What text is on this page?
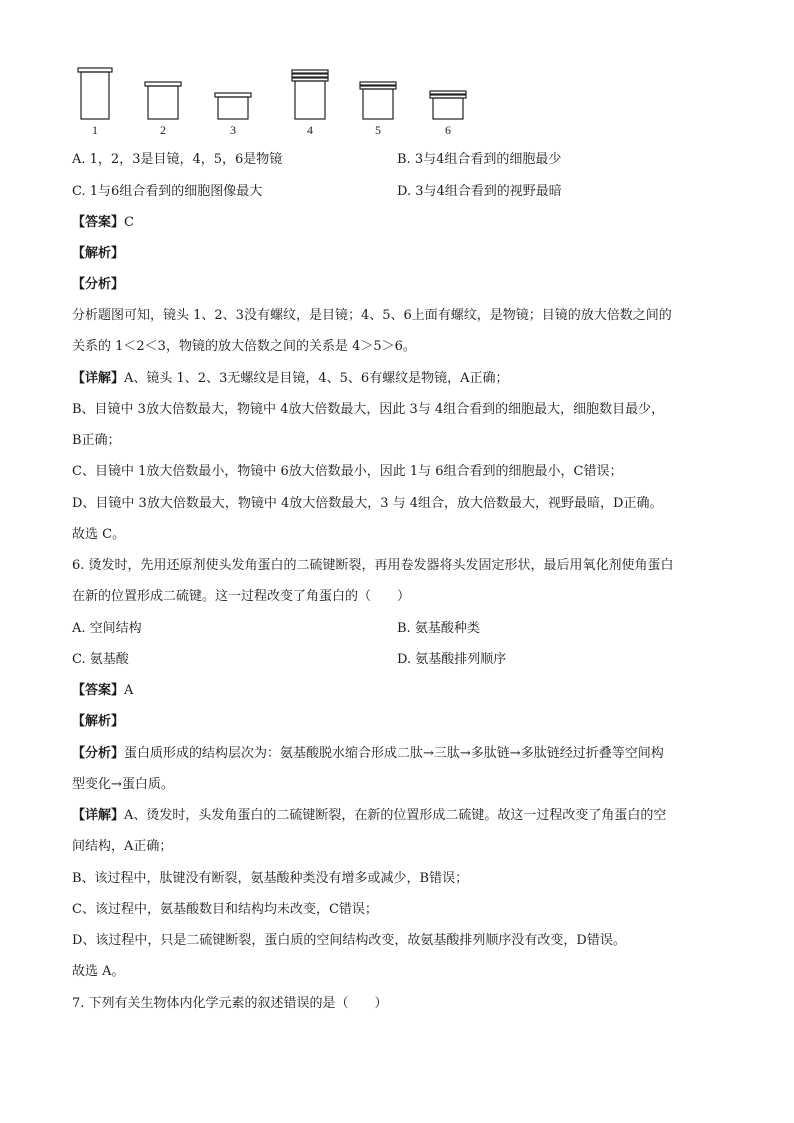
1	2	3	4	5	6
A. 1，2，3是目镜，4，5，6是物镜	B. 3与4组合看到的细胞最少
C. 1与6组合看到的细胞图像最大	D. 3与4组合看到的视野最暗
【答案】C
【解析】
【分析】
分析题图可知，镜头 1、2、3没有螺纹，是目镜；4、5、6上面有螺纹，是物镜；目镜的放大倍数之间的
关系的 1＜2＜3，物镜的放大倍数之间的关系是 4＞5＞6。
【详解】A、镜头 1、2、3无螺纹是目镜，4、5、6有螺纹是物镜，A正确；
B、目镜中 3放大倍数最大，物镜中 4放大倍数最大，因此 3与 4组合看到的细胞最大，细胞数目最少，
B正确；
C、目镜中 1放大倍数最小，物镜中 6放大倍数最小，因此 1与 6组合看到的细胞最小，C错误；
D、目镜中 3放大倍数最大，物镜中 4放大倍数最大，3 与 4组合，放大倍数最大，视野最暗，D正确。
故选 C。
6. 烫发时，先用还原剂使头发角蛋白的二硫键断裂，再用卷发器将头发固定形状，最后用氧化剂使角蛋白
在新的位置形成二硫键。这一过程改变了角蛋白的（　　）
A. 空间结构	B. 氨基酸种类
C. 氨基酸	D. 氨基酸排列顺序
【答案】A
【解析】
【分析】蛋白质形成的结构层次为：氨基酸脱水缩合形成二肽→三肽→多肽链→多肽链经过折叠等空间构
型变化→蛋白质。
【详解】A、烫发时，头发角蛋白的二硫键断裂，在新的位置形成二硫键。故这一过程改变了角蛋白的空
间结构，A正确；
B、该过程中，肽键没有断裂，氨基酸种类没有增多或减少，B错误；
C、该过程中，氨基酸数目和结构均未改变，C错误；
D、该过程中，只是二硫键断裂，蛋白质的空间结构改变，故氨基酸排列顺序没有改变，D错误。
故选 A。
7. 下列有关生物体内化学元素的叙述错误的是（　　）
